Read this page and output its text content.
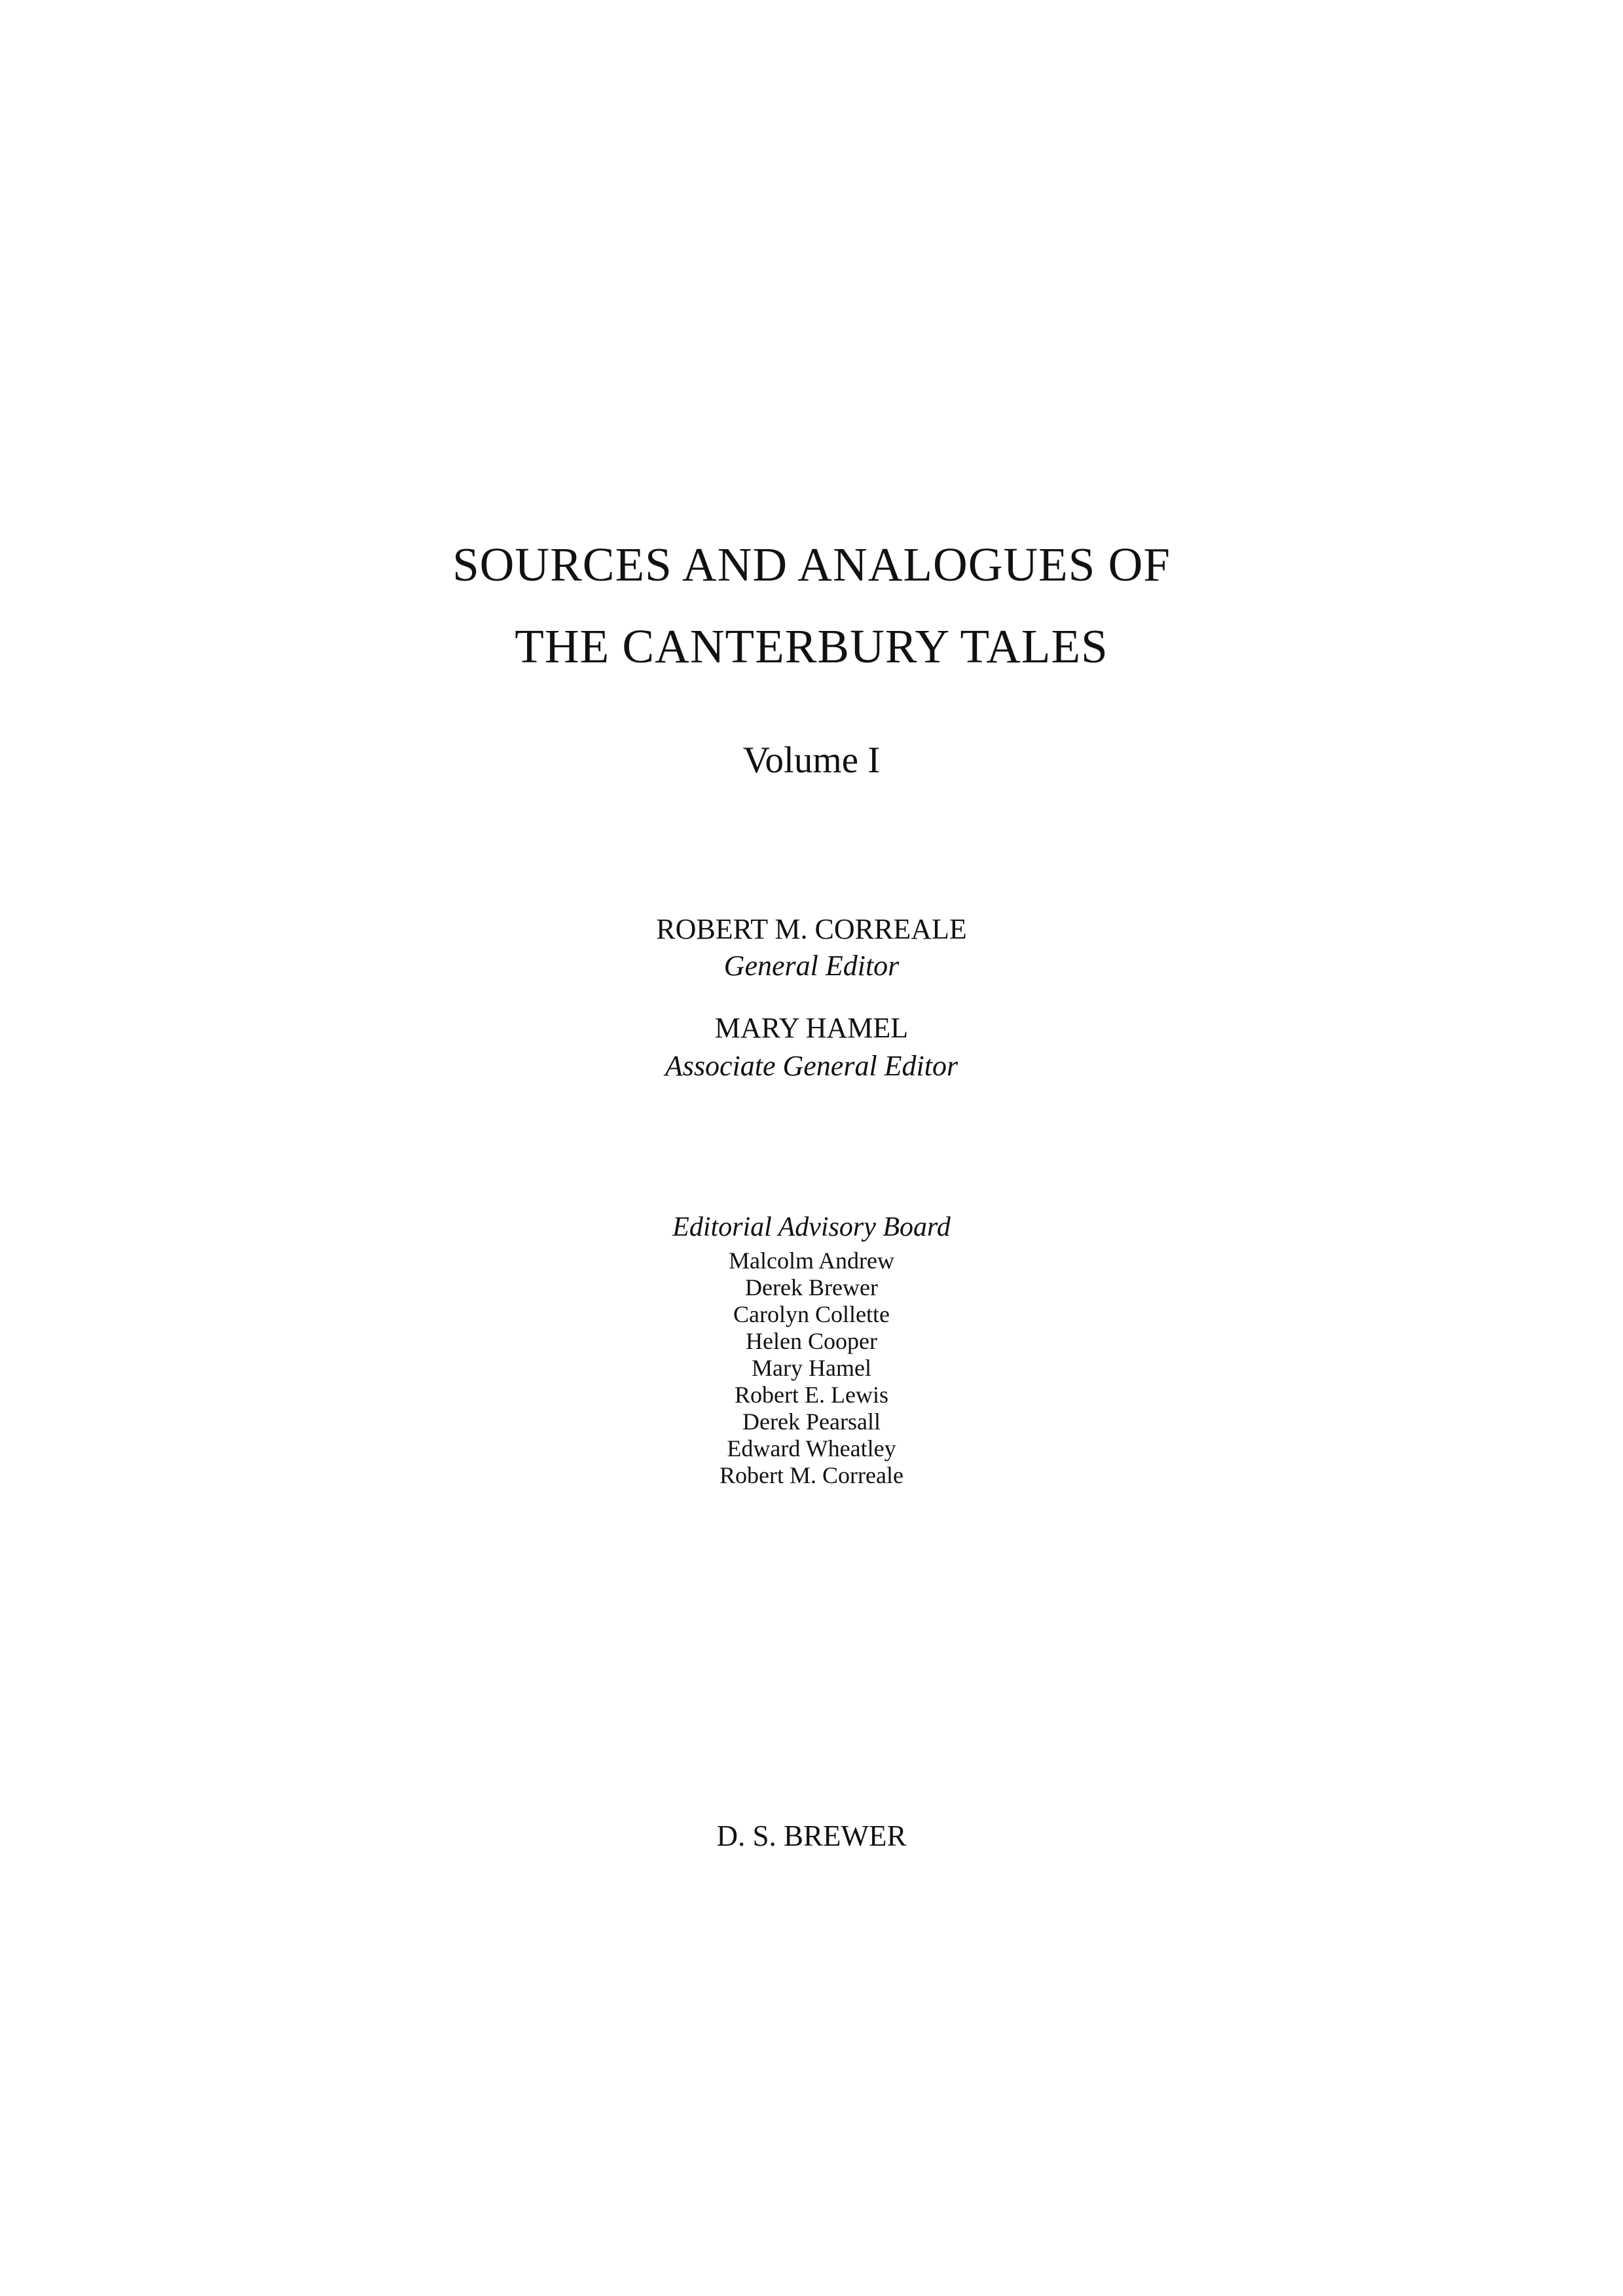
SOURCES AND ANALOGUES OF
THE CANTERBURY TALES
Volume I
ROBERT M. CORREALE
General Editor
MARY HAMEL
Associate General Editor
Editorial Advisory Board
Malcolm Andrew
Derek Brewer
Carolyn Collette
Helen Cooper
Mary Hamel
Robert E. Lewis
Derek Pearsall
Edward Wheatley
Robert M. Correale
D. S. BREWER
